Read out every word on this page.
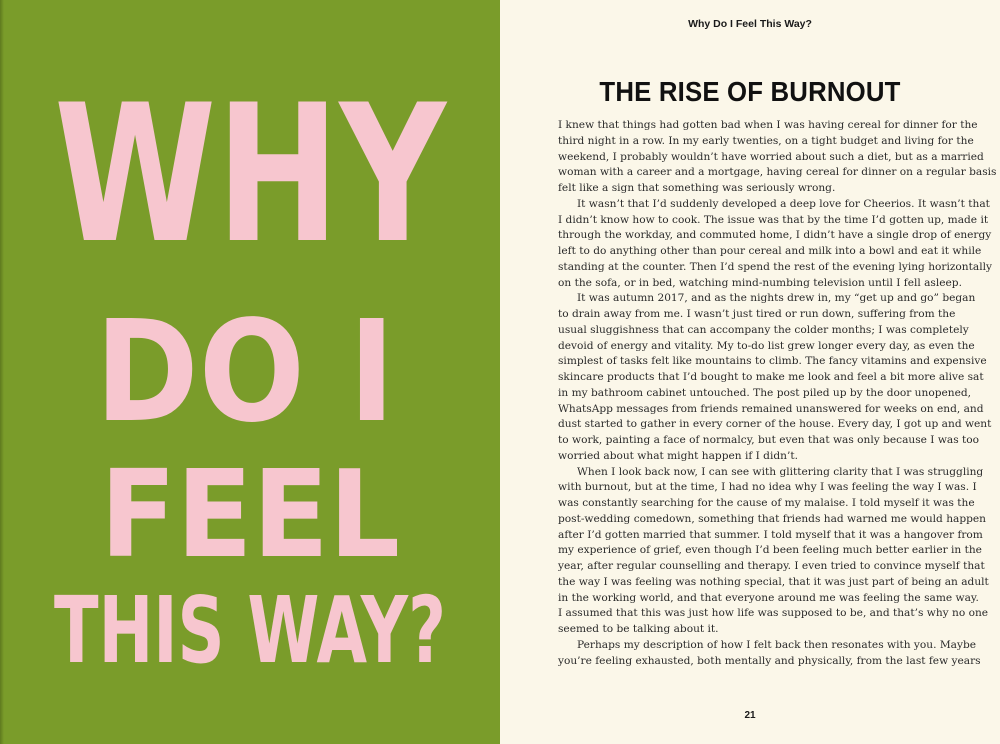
WHY
DO I
FEEL
THIS WAY?
Why Do I Feel This Way?
THE RISE OF BURNOUT
I knew that things had gotten bad when I was having cereal for dinner for the
third night in a row. In my early twenties, on a tight budget and living for the
weekend, I probably wouldn’t have worried about such a diet, but as a married
woman with a career and a mortgage, having cereal for dinner on a regular basis
felt like a sign that something was seriously wrong.
It wasn’t that I’d suddenly developed a deep love for Cheerios. It wasn’t that
I didn’t know how to cook. The issue was that by the time I’d gotten up, made it
through the workday, and commuted home, I didn’t have a single drop of energy
left to do anything other than pour cereal and milk into a bowl and eat it while
standing at the counter. Then I’d spend the rest of the evening lying horizontally
on the sofa, or in bed, watching mind-numbing television until I fell asleep.
It was autumn 2017, and as the nights drew in, my “get up and go” began
to drain away from me. I wasn’t just tired or run down, suffering from the
usual sluggishness that can accompany the colder months; I was completely
devoid of energy and vitality. My to-do list grew longer every day, as even the
simplest of tasks felt like mountains to climb. The fancy vitamins and expensive
skincare products that I’d bought to make me look and feel a bit more alive sat
in my bathroom cabinet untouched. The post piled up by the door unopened,
WhatsApp messages from friends remained unanswered for weeks on end, and
dust started to gather in every corner of the house. Every day, I got up and went
to work, painting a face of normalcy, but even that was only because I was too
worried about what might happen if I didn’t.
When I look back now, I can see with glittering clarity that I was struggling
with burnout, but at the time, I had no idea why I was feeling the way I was. I
was constantly searching for the cause of my malaise. I told myself it was the
post-wedding comedown, something that friends had warned me would happen
after I’d gotten married that summer. I told myself that it was a hangover from
my experience of grief, even though I’d been feeling much better earlier in the
year, after regular counselling and therapy. I even tried to convince myself that
the way I was feeling was nothing special, that it was just part of being an adult
in the working world, and that everyone around me was feeling the same way.
I assumed that this was just how life was supposed to be, and that’s why no one
seemed to be talking about it.
Perhaps my description of how I felt back then resonates with you. Maybe
you’re feeling exhausted, both mentally and physically, from the last few years
21
